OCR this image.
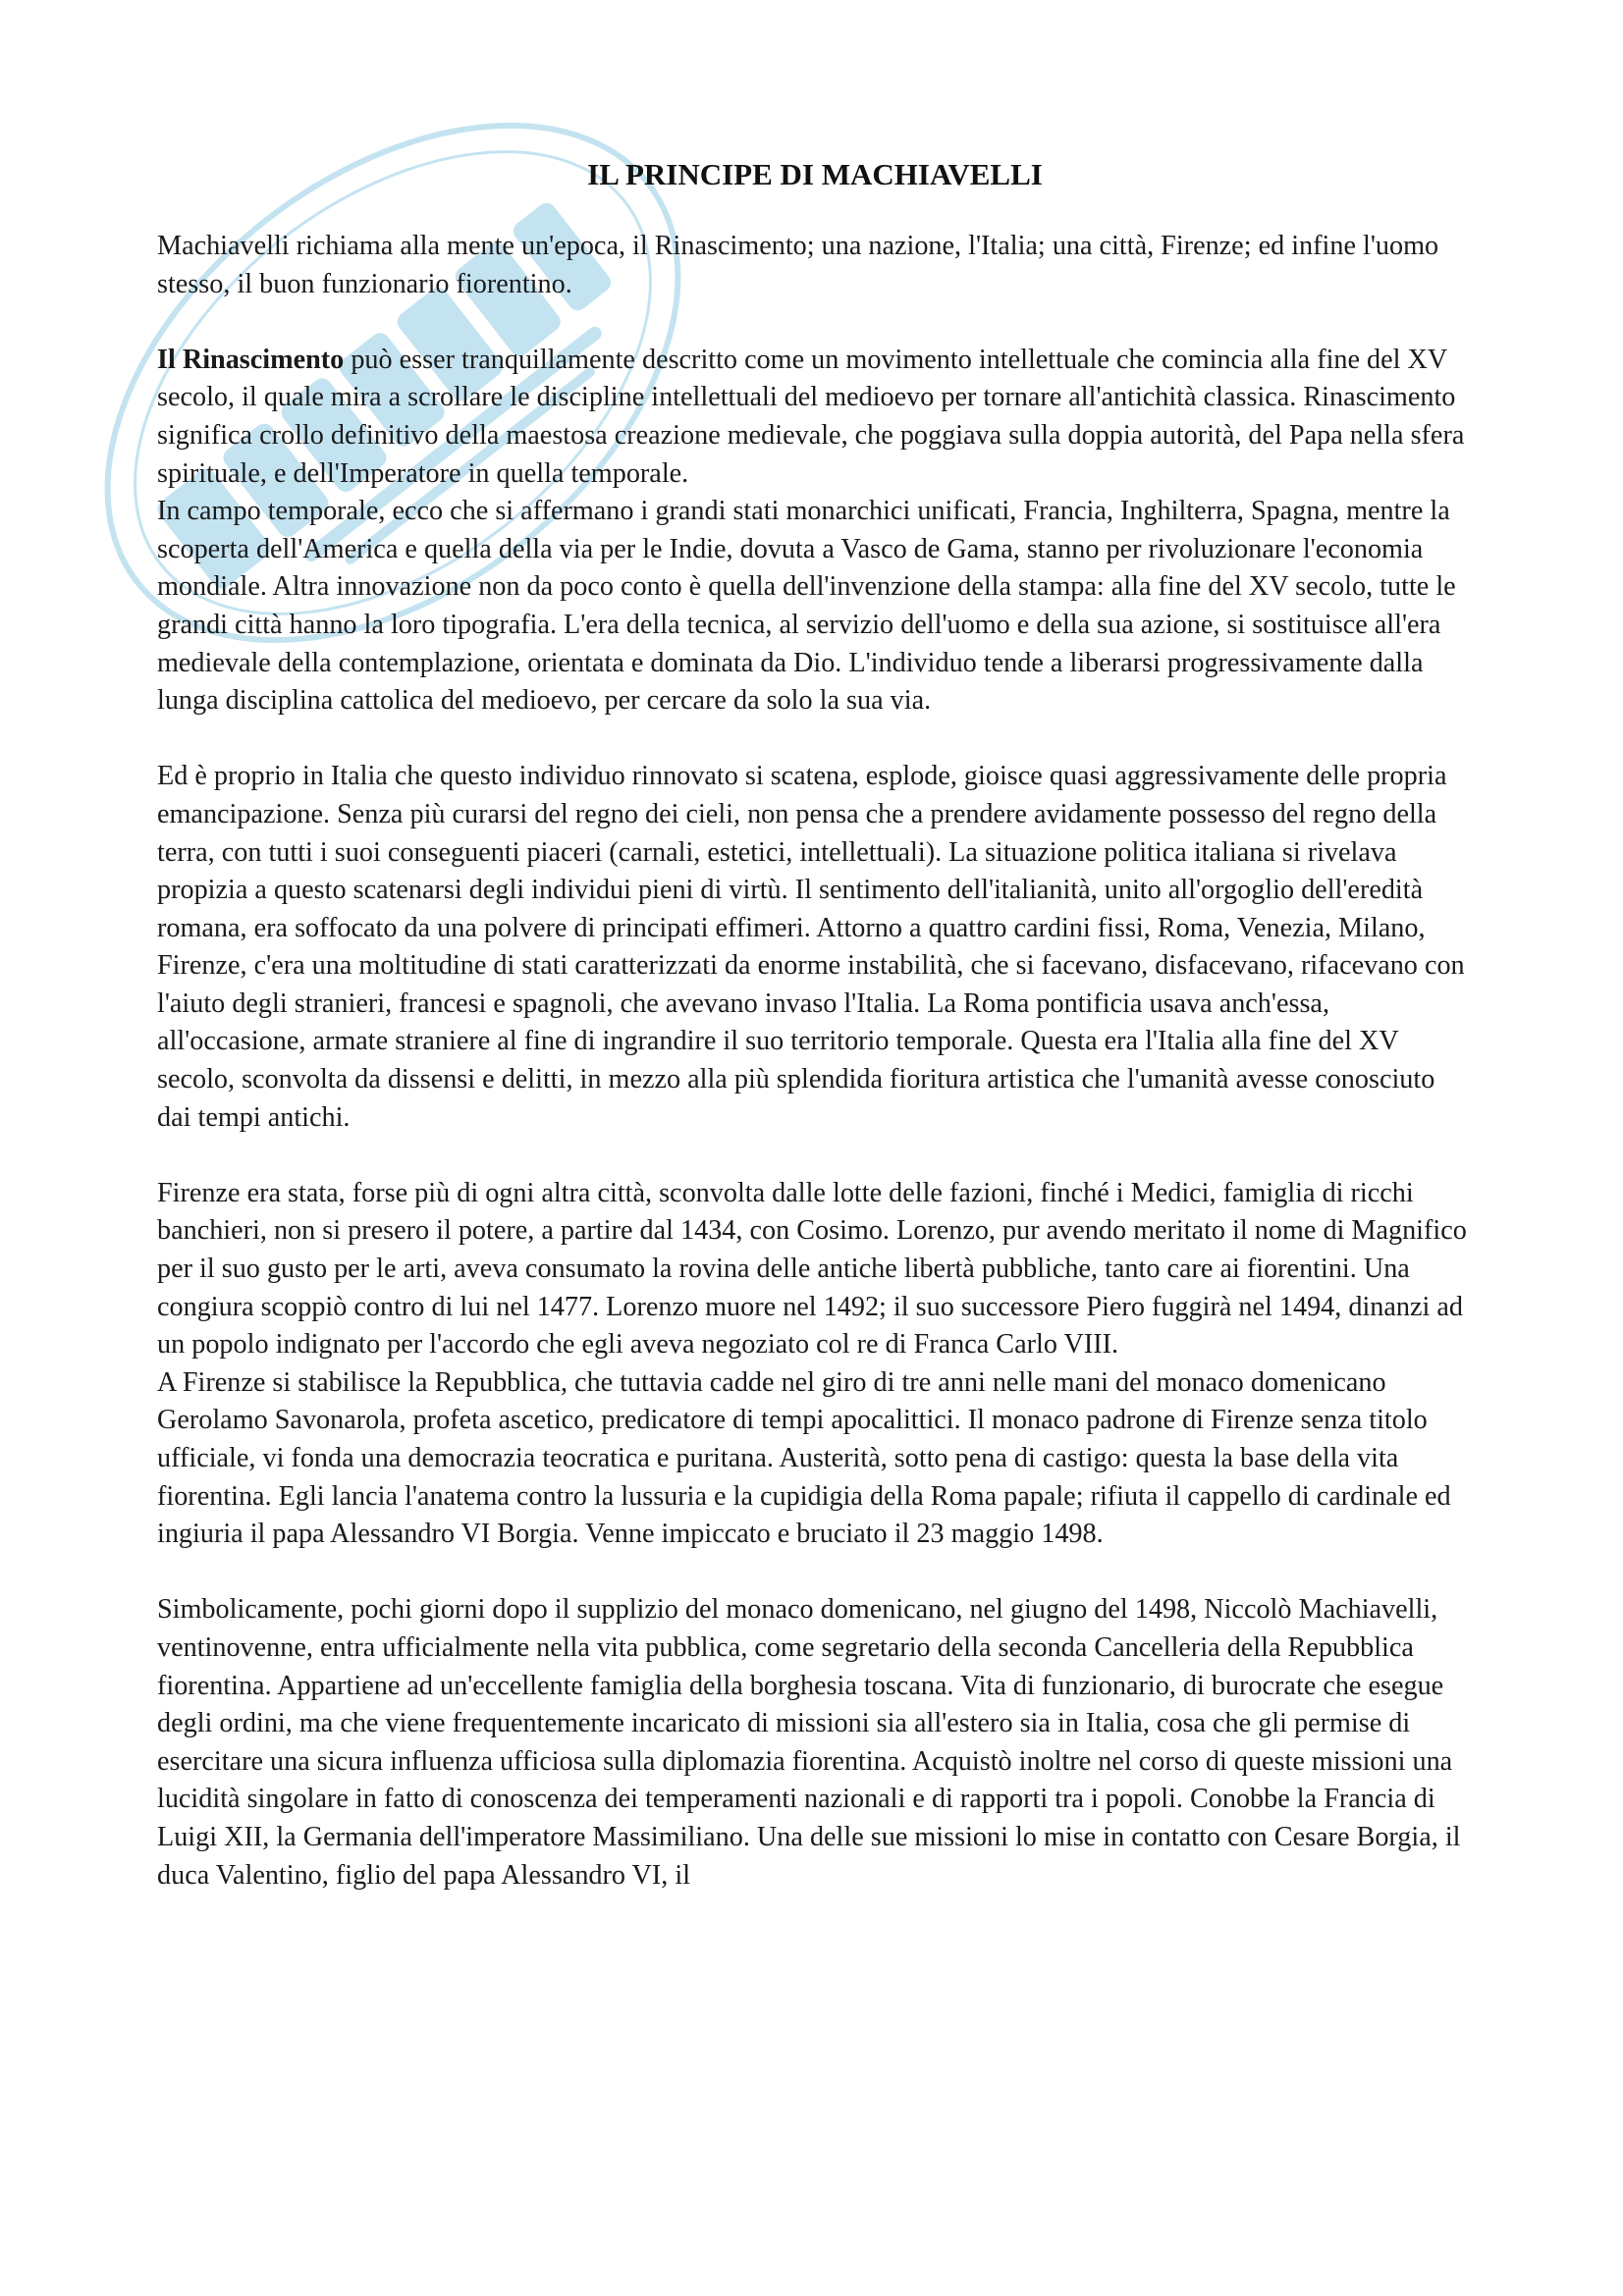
IL PRINCIPE DI MACHIAVELLI

Machiavelli richiama alla mente un'epoca, il Rinascimento; una nazione, l'Italia; una città, Firenze; ed infine l'uomo stesso, il buon funzionario fiorentino.

Il Rinascimento può esser tranquillamente descritto come un movimento intellettuale che comincia alla fine del XV secolo, il quale mira a scrollare le discipline intellettuali del medioevo per tornare all'antichità classica. Rinascimento significa crollo definitivo della maestosa creazione medievale, che poggiava sulla doppia autorità, del Papa nella sfera spirituale, e dell'Imperatore in quella temporale.

In campo temporale, ecco che si affermano i grandi stati monarchici unificati, Francia, Inghilterra, Spagna, mentre la scoperta dell'America e quella della via per le Indie, dovuta a Vasco de Gama, stanno per rivoluzionare l'economia mondiale. Altra innovazione non da poco conto è quella dell'invenzione della stampa: alla fine del XV secolo, tutte le grandi città hanno la loro tipografia. L'era della tecnica, al servizio dell'uomo e della sua azione, si sostituisce all'era medievale della contemplazione, orientata e dominata da Dio. L'individuo tende a liberarsi progressivamente dalla lunga disciplina cattolica del medioevo, per cercare da solo la sua via.

Ed è proprio in Italia che questo individuo rinnovato si scatena, esplode, gioisce quasi aggressivamente delle propria emancipazione. Senza più curarsi del regno dei cieli, non pensa che a prendere avidamente possesso del regno della terra, con tutti i suoi conseguenti piaceri (carnali, estetici, intellettuali). La situazione politica italiana si rivelava propizia a questo scatenarsi degli individui pieni di virtù. Il sentimento dell'italianità, unito all'orgoglio dell'eredità romana, era soffocato da una polvere di principati effimeri. Attorno a quattro cardini fissi, Roma, Venezia, Milano, Firenze, c'era una moltitudine di stati caratterizzati da enorme instabilità, che si facevano, disfacevano, rifacevano con l'aiuto degli stranieri, francesi e spagnoli, che avevano invaso l'Italia. La Roma pontificia usava anch'essa, all'occasione, armate straniere al fine di ingrandire il suo territorio temporale. Questa era l'Italia alla fine del XV secolo, sconvolta da dissensi e delitti, in mezzo alla più splendida fioritura artistica che l'umanità avesse conosciuto dai tempi antichi.

Firenze era stata, forse più di ogni altra città, sconvolta dalle lotte delle fazioni, finché i Medici, famiglia di ricchi banchieri, non si presero il potere, a partire dal 1434, con Cosimo. Lorenzo, pur avendo meritato il nome di Magnifico per il suo gusto per le arti, aveva consumato la rovina delle antiche libertà pubbliche, tanto care ai fiorentini. Una congiura scoppiò contro di lui nel 1477. Lorenzo muore nel 1492; il suo successore Piero fuggirà nel 1494, dinanzi ad un popolo indignato per l'accordo che egli aveva negoziato col re di Franca Carlo VIII.

A Firenze si stabilisce la Repubblica, che tuttavia cadde nel giro di tre anni nelle mani del monaco domenicano Gerolamo Savonarola, profeta ascetico, predicatore di tempi apocalittici. Il monaco padrone di Firenze senza titolo ufficiale, vi fonda una democrazia teocratica e puritana. Austerità, sotto pena di castigo: questa la base della vita fiorentina. Egli lancia l'anatema contro la lussuria e la cupidigia della Roma papale; rifiuta il cappello di cardinale ed ingiuria il papa Alessandro VI Borgia. Venne impiccato e bruciato il 23 maggio 1498.

Simbolicamente, pochi giorni dopo il supplizio del monaco domenicano, nel giugno del 1498, Niccolò Machiavelli, ventinovenne, entra ufficialmente nella vita pubblica, come segretario della seconda Cancelleria della Repubblica fiorentina. Appartiene ad un'eccellente famiglia della borghesia toscana. Vita di funzionario, di burocrate che esegue degli ordini, ma che viene frequentemente incaricato di missioni sia all'estero sia in Italia, cosa che gli permise di esercitare una sicura influenza ufficiosa sulla diplomazia fiorentina. Acquistò inoltre nel corso di queste missioni una lucidità singolare in fatto di conoscenza dei temperamenti nazionali e di rapporti tra i popoli. Conobbe la Francia di Luigi XII, la Germania dell'imperatore Massimiliano. Una delle sue missioni lo mise in contatto con Cesare Borgia, il duca Valentino, figlio del papa Alessandro VI, il
